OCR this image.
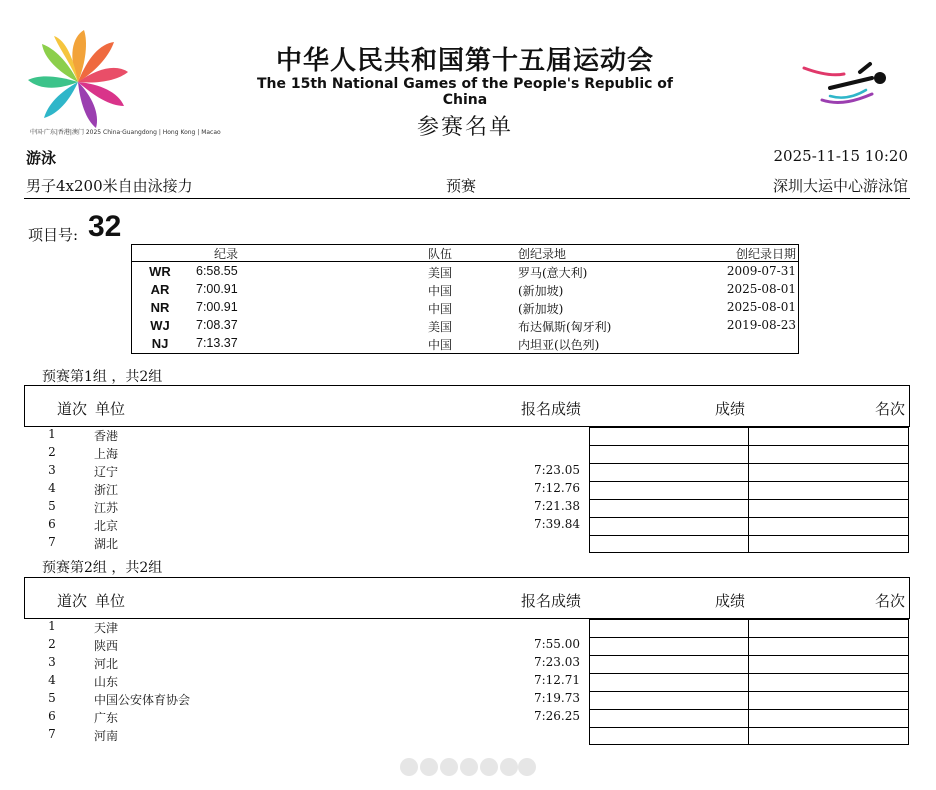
中国·广东|香港|澳门 2025 China·Guangdong | Hong Kong | Macao
中华人民共和国第十五届运动会
The 15th National Games of the People's Republic of China
参赛名单
游泳	2025-11-15 10:20
男子4x200米自由泳接力	预赛	深圳大运中心游泳馆
项目号: 32
纪录	队伍	创纪录地	创纪录日期
WR	6:58.55	美国	罗马(意大利)	2009-07-31
AR	7:00.91	中国	(新加坡)	2025-08-01
NR	7:00.91	中国	(新加坡)	2025-08-01
WJ	7:08.37	美国	布达佩斯(匈牙利)	2019-08-23
NJ	7:13.37	中国	内坦亚(以色列)
预赛第1组 ，共2组
道次 单位	报名成绩	成绩	名次
1	香港
2	上海
3	辽宁	7:23.05
4	浙江	7:12.76
5	江苏	7:21.38
6	北京	7:39.84
7	湖北
预赛第2组 ，共2组
道次 单位	报名成绩	成绩	名次
1	天津
2	陕西	7:55.00
3	河北	7:23.03
4	山东	7:12.71
5	中国公安体育协会	7:19.73
6	广东	7:26.25
7	河南
